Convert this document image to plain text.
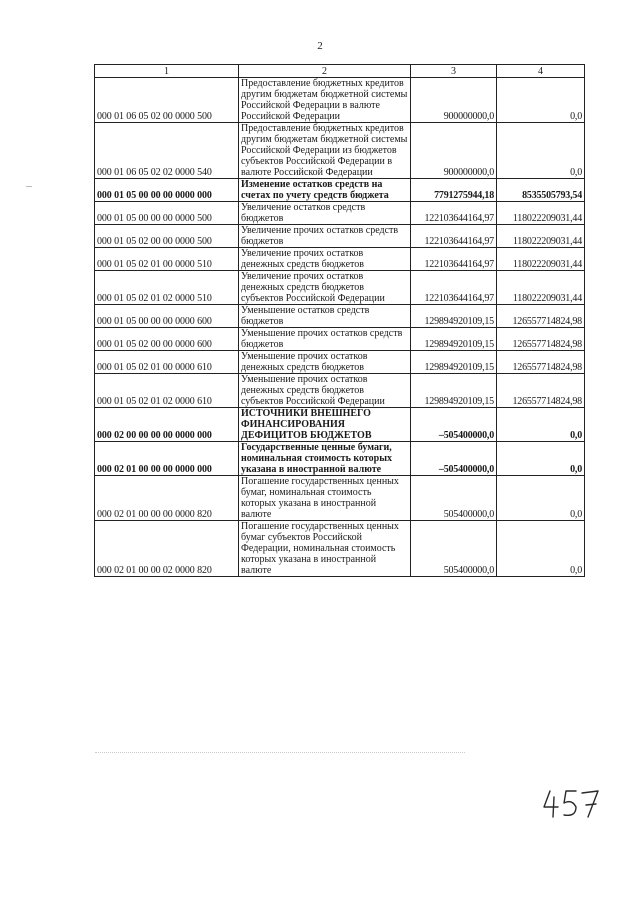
2
1	2	3	4
000 01 06 05 02 00 0000 500	Предоставление бюджетных кредитов другим бюджетам бюджетной системы Российской Федерации в валюте Российской Федерации	900000000,0	0,0
000 01 06 05 02 02 0000 540	Предоставление бюджетных кредитов другим бюджетам бюджетной системы Российской Федерации из бюджетов субъектов Российской Федерации в валюте Российской Федерации	900000000,0	0,0
000 01 05 00 00 00 0000 000	Изменение остатков средств на счетах по учету средств бюджета	7791275944,18	8535505793,54
000 01 05 00 00 00 0000 500	Увеличение остатков средств бюджетов	122103644164,97	118022209031,44
000 01 05 02 00 00 0000 500	Увеличение прочих остатков средств бюджетов	122103644164,97	118022209031,44
000 01 05 02 01 00 0000 510	Увеличение прочих остатков денежных средств бюджетов	122103644164,97	118022209031,44
000 01 05 02 01 02 0000 510	Увеличение прочих остатков денежных средств бюджетов субъектов Российской Федерации	122103644164,97	118022209031,44
000 01 05 00 00 00 0000 600	Уменьшение остатков средств бюджетов	129894920109,15	126557714824,98
000 01 05 02 00 00 0000 600	Уменьшение прочих остатков средств бюджетов	129894920109,15	126557714824,98
000 01 05 02 01 00 0000 610	Уменьшение прочих остатков денежных средств бюджетов	129894920109,15	126557714824,98
000 01 05 02 01 02 0000 610	Уменьшение прочих остатков денежных средств бюджетов субъектов Российской Федерации	129894920109,15	126557714824,98
000 02 00 00 00 00 0000 000	ИСТОЧНИКИ ВНЕШНЕГО ФИНАНСИРОВАНИЯ ДЕФИЦИТОВ БЮДЖЕТОВ	–505400000,0	0,0
000 02 01 00 00 00 0000 000	Государственные ценные бумаги, номинальная стоимость которых указана в иностранной валюте	–505400000,0	0,0
000 02 01 00 00 00 0000 820	Погашение государственных ценных бумаг, номинальная стоимость которых указана в иностранной валюте	505400000,0	0,0
000 02 01 00 00 02 0000 820	Погашение государственных ценных бумаг субъектов Российской Федерации, номинальная стоимость которых указана в иностранной валюте	505400000,0	0,0
